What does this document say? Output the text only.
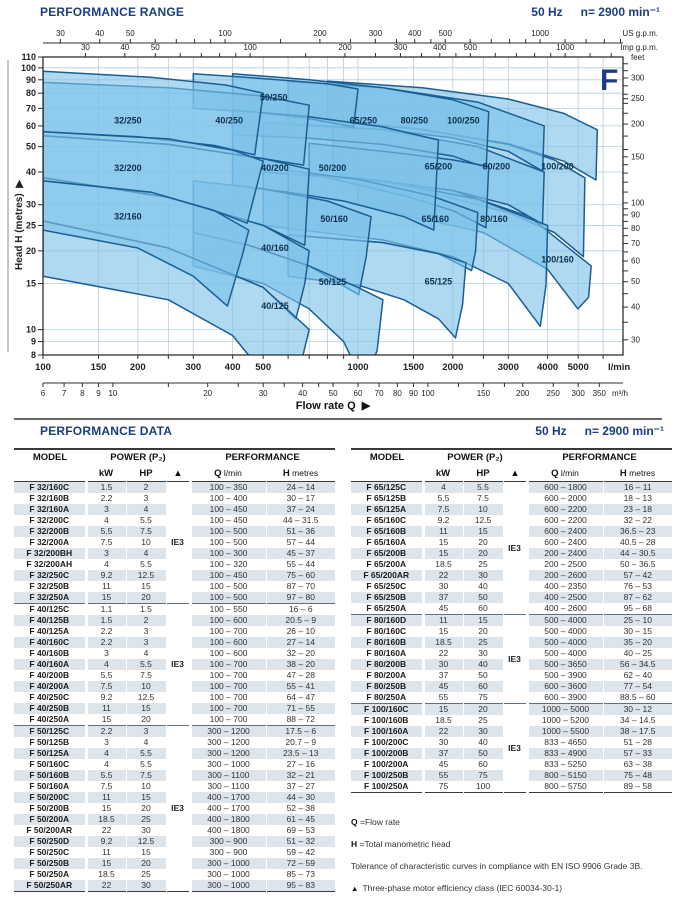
PERFORMANCE RANGE	50 Hz n= 2900 min⁻¹
100/250
100/200
100/160
80/250
80/200
80/160
65/250
65/200
65/160
65/125
50/250
50/200
50/160
50/125
40/250
40/200
40/160
40/125
32/250
32/200
32/160
F
8
9
10
15
20
25
30
40
50
60
70
80
90
100
110
Head H (metres)  ▶
30
40
50
60
70
80
90
100
150
200
250
300
feet
100	150 200	300 400 500	1000	1500 2000	3000 4000 5000 l/min
6 7 8 9 10	20	30	40	50 60 70 80 90 100	150	200 250 300 350 m³/h
Flow rate Q  ▶
30	40	50	100	200	300	400 500	1000	US g.p.m.
30	40	50	100	200	300	400 500	1000	Imp g.p.m.
PERFORMANCE DATA	50 Hz n= 2900 min⁻¹
MODEL	POWER (P₂)			PERFORMANCE	
	kW	HP	▲	Q l/min	H metres
F 32/160C	1.5	2	IE3	100 – 350	24 – 14
F 32/160B	2.2	3		100 – 400	30 – 17
F 32/160A	3	4		100 – 450	37 – 24
F 32/200C	4	5.5		100 – 450	44 – 31.5
F 32/200B	5.5	7.5		100 – 500	51 – 36
F 32/200A	7.5	10		100 – 500	57 – 44
F 32/200BH	3	4		100 – 300	45 – 37
F 32/200AH	4	5.5		100 – 320	55 – 44
F 32/250C	9.2	12.5		100 – 450	75 – 60
F 32/250B	11	15		100 – 500	87 – 70
F 32/250A	15	20		100 – 500	97 – 80
F 40/125C	1.1	1.5	IE3	100 – 550	16 – 6
F 40/125B	1.5	2		100 – 600	20.5 – 9
F 40/125A	2.2	3		100 – 700	26 – 10
F 40/160C	2.2	3		100 – 600	27 – 14
F 40/160B	3	4		100 – 600	32 – 20
F 40/160A	4	5.5		100 – 700	38 – 20
F 40/200B	5.5	7.5		100 – 700	47 – 28
F 40/200A	7.5	10		100 – 700	55 – 41
F 40/250C	9.2	12.5		100 – 700	64 – 47
F 40/250B	11	15		100 – 700	71 – 55
F 40/250A	15	20		100 – 700	88 – 72
F 50/125C	2.2	3	IE3	300 – 1200	17.5 – 6
F 50/125B	3	4		300 – 1200	20.7 – 9
F 50/125A	4	5.5		300 – 1200	23.5 – 13
F 50/160C	4	5.5		300 – 1000	27 – 16
F 50/160B	5.5	7.5		300 – 1100	32 – 21
F 50/160A	7.5	10		300 – 1100	37 – 27
F 50/200C	11	15		400 – 1700	44 – 30
F 50/200B	15	20		400 – 1700	52 – 38
F 50/200A	18.5	25		400 – 1800	61 – 45
F 50/200AR	22	30		400 – 1800	69 – 53
F 50/250D	9.2	12.5		300 – 900	51 – 32
F 50/250C	11	15		300 – 900	59 – 42
F 50/250B	15	20		300 – 1000	72 – 59
F 50/250A	18.5	25		300 – 1000	85 – 73
F 50/250AR	22	30		300 – 1000	95 – 83
MODEL	POWER (P₂)			PERFORMANCE	
	kW	HP	▲	Q l/min	H metres
F 65/125C	4	5.5	IE3	600 – 1800	16 – 11
F 65/125B	5.5	7.5		600 – 2000	18 – 13
F 65/125A	7.5	10		600 – 2200	23 – 18
F 65/160C	9.2	12.5		600 – 2200	32 – 22
F 65/160B	11	15		600 – 2400	36.5 – 23
F 65/160A	15	20		600 – 2400	40.5 – 28
F 65/200B	15	20		200 – 2400	44 – 30.5
F 65/200A	18.5	25		200 – 2500	50 – 36.5
F 65/200AR	22	30		200 – 2600	57 – 42
F 65/250C	30	40		400 – 2350	76 – 53
F 65/250B	37	50		400 – 2500	87 – 62
F 65/250A	45	60		400 – 2600	95 – 68
F 80/160D	11	15	IE3	500 – 4000	25 – 10
F 80/160C	15	20		500 – 4000	30 – 15
F 80/160B	18.5	25		500 – 4000	35 – 20
F 80/160A	22	30		500 – 4000	40 – 25
F 80/200B	30	40		500 – 3650	56 – 34.5
F 80/200A	37	50		500 – 3900	62 – 40
F 80/250B	45	60		600 – 3600	77 – 54
F 80/250A	55	75		600 – 3900	88.5 – 60
F 100/160C	15	20	IE3	1000 – 5000	30 – 12
F 100/160B	18.5	25		1000 – 5200	34 – 14.5
F 100/160A	22	30		1000 – 5500	38 – 17.5
F 100/200C	30	40		833 – 4650	51 – 28
F 100/200B	37	50		833 – 4900	57 – 33
F 100/200A	45	60		833 – 5250	63 – 38
F 100/250B	55	75		800 – 5150	75 – 48
F 100/250A	75	100		800 – 5750	89 – 58
Q =Flow rate
H =Total manometric head
Tolerance of characteristic curves in compliance with EN ISO 9906 Grade 3B.
▲ Three-phase motor efficiency class (IEC 60034-30-1)
